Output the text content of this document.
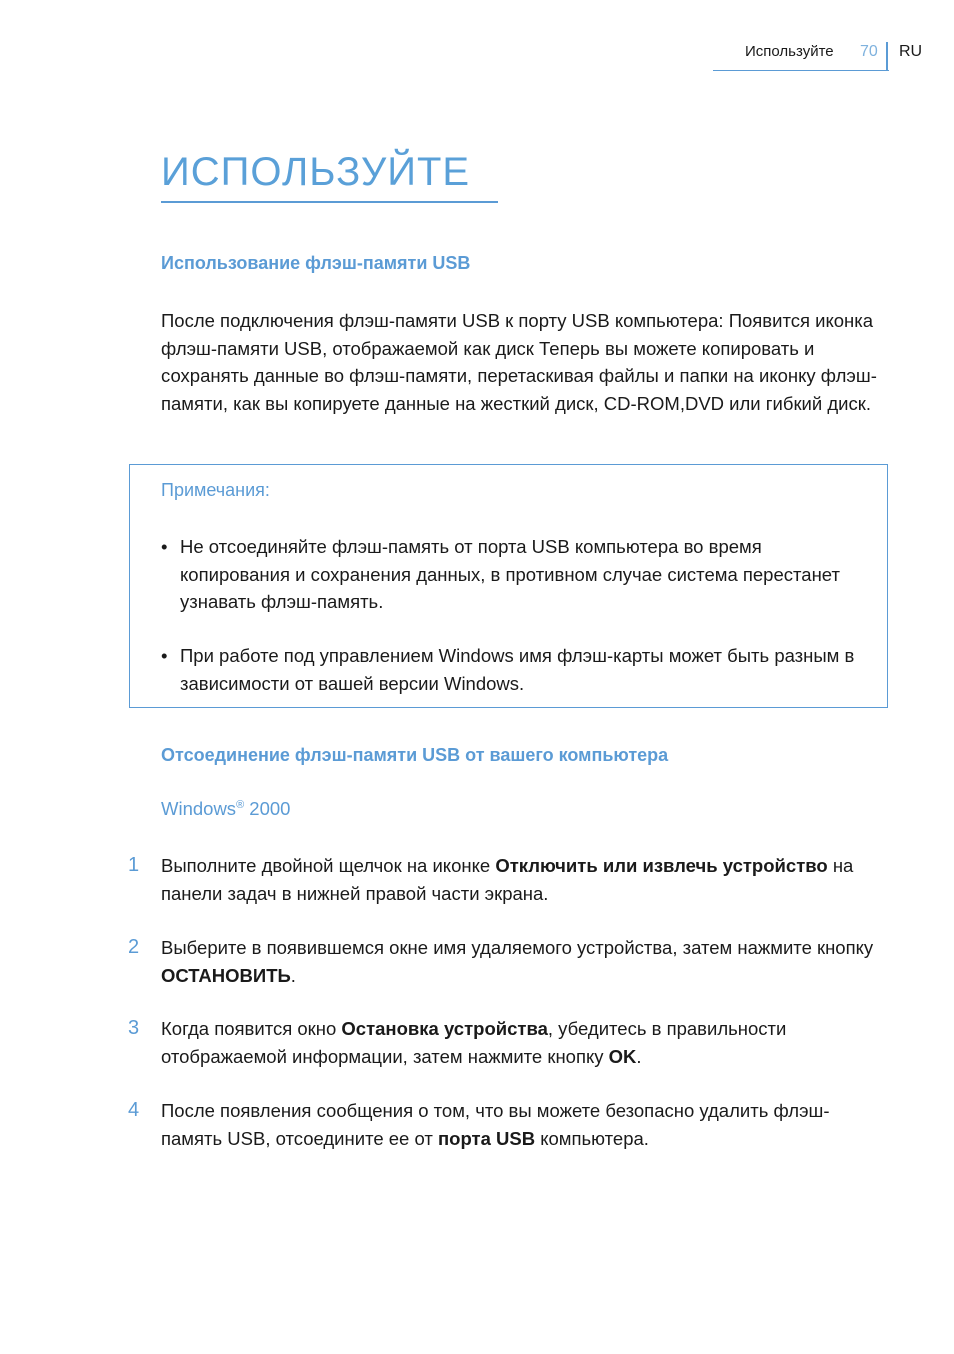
Используйте 70 RU
ИСПОЛЬЗУЙТЕ
Использование флэш-памяти USB
После подключения флэш-памяти USB к порту USB компьютера: Появится иконка флэш-памяти USB, отображаемой как диск Теперь вы можете копировать и сохранять данные во флэш-памяти, перетаскивая файлы и папки на иконку флэш-памяти, как вы копируете данные на жесткий диск, CD-ROM,DVD или гибкий диск.
Примечания:
• Не отсоединяйте флэш-память от порта USB компьютера во время копирования и сохранения данных, в противном случае система перестанет узнавать флэш-память.
• При работе под управлением Windows имя флэш-карты может быть разным в зависимости от вашей версии Windows.
Отсоединение флэш-памяти USB от вашего компьютера
Windows® 2000
1	Выполните двойной щелчок на иконке Отключить или извлечь устройство на панели задач в нижней правой части экрана.
2	Выберите в появившемся окне имя удаляемого устройства, затем нажмите кнопку ОСТАНОВИТЬ.
3	Когда появится окно Остановка устройства, убедитесь в правильности отображаемой информации, затем нажмите кнопку OK.
4	После появления сообщения о том, что вы можете безопасно удалить флэш-память USB, отсоедините ее от порта USB компьютера.
